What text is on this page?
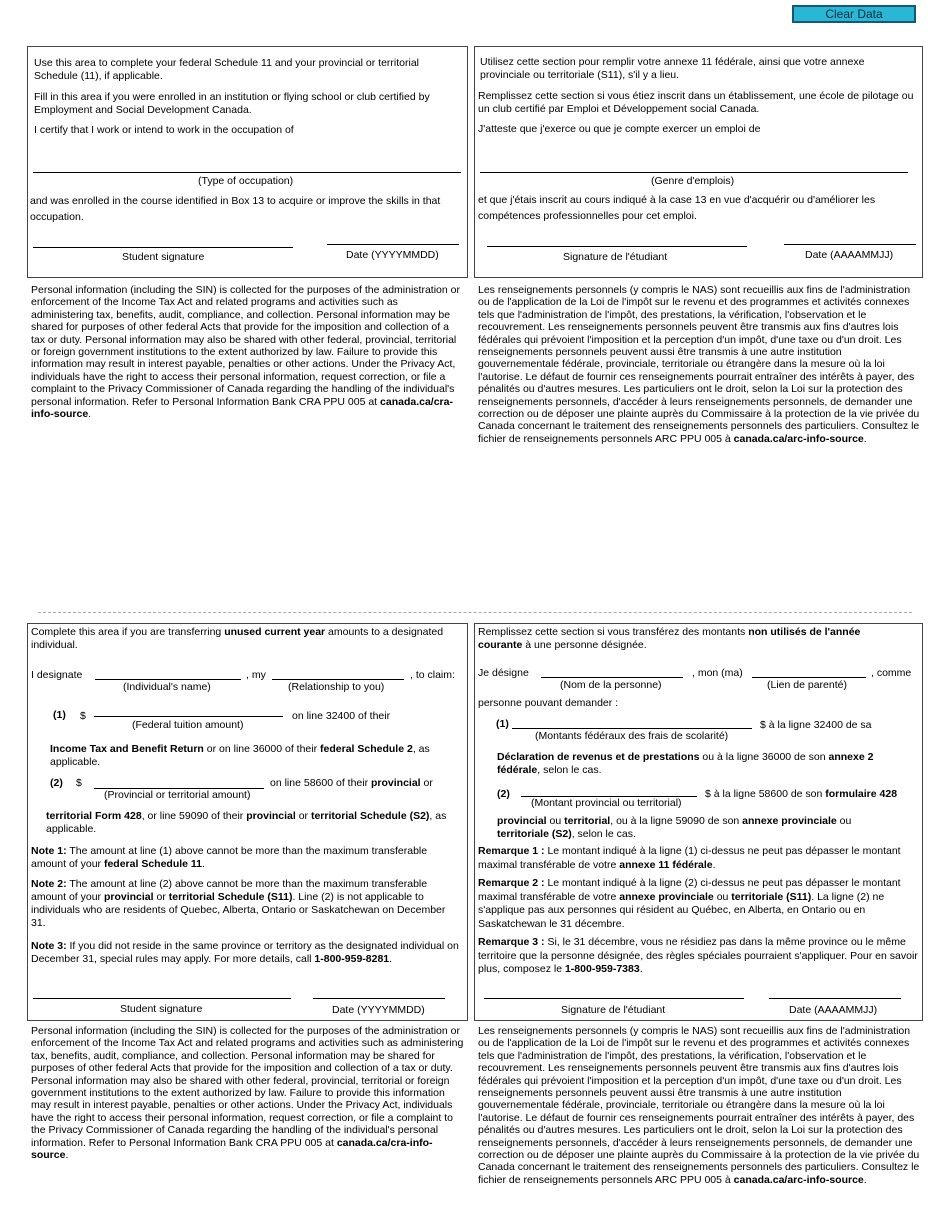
Clear Data

Use this area to complete your federal Schedule 11 and your provincial or territorial Schedule (11), if applicable.

Fill in this area if you were enrolled in an institution or flying school or club certified by Employment and Social Development Canada.

I certify that I work or intend to work in the occupation of

(Type of occupation)

and was enrolled in the course identified in Box 13 to acquire or improve the skills in that occupation.

Student signature	Date (YYYYMMDD)

Personal information (including the SIN) is collected for the purposes of the administration or enforcement of the Income Tax Act and related programs and activities such as administering tax, benefits, audit, compliance, and collection. Personal information may be shared for purposes of other federal Acts that provide for the imposition and collection of a tax or duty. Personal information may also be shared with other federal, provincial, territorial or foreign government institutions to the extent authorized by law. Failure to provide this information may result in interest payable, penalties or other actions. Under the Privacy Act, individuals have the right to access their personal information, request correction, or file a complaint to the Privacy Commissioner of Canada regarding the handling of the individual's personal information. Refer to Personal Information Bank CRA PPU 005 at canada.ca/cra-info-source.

Utilisez cette section pour remplir votre annexe 11 fédérale, ainsi que votre annexe provinciale ou territoriale (S11), s'il y a lieu.

Remplissez cette section si vous étiez inscrit dans un établissement, une école de pilotage ou un club certifié par Emploi et Développement social Canada.

J'atteste que j'exerce ou que je compte exercer un emploi de

(Genre d'emplois)

et que j'étais inscrit au cours indiqué à la case 13 en vue d'acquérir ou d'améliorer les compétences professionnelles pour cet emploi.

Signature de l'étudiant	Date (AAAAMMJJ)

Les renseignements personnels (y compris le NAS) sont recueillis aux fins de l'administration ou de l'application de la Loi de l'impôt sur le revenu et des programmes et activités connexes tels que l'administration de l'impôt, des prestations, la vérification, l'observation et le recouvrement. Les renseignements personnels peuvent être transmis aux fins d'autres lois fédérales qui prévoient l'imposition et la perception d'un impôt, d'une taxe ou d'un droit. Les renseignements personnels peuvent aussi être transmis à une autre institution gouvernementale fédérale, provinciale, territoriale ou étrangère dans la mesure où la loi l'autorise. Le défaut de fournir ces renseignements pourrait entraîner des intérêts à payer, des pénalités ou d'autres mesures. Les particuliers ont le droit, selon la Loi sur la protection des renseignements personnels, d'accéder à leurs renseignements personnels, de demander une correction ou de déposer une plainte auprès du Commissaire à la protection de la vie privée du Canada concernant le traitement des renseignements personnels des particuliers. Consultez le fichier de renseignements personnels ARC PPU 005 à canada.ca/arc-info-source.

Complete this area if you are transferring unused current year amounts to a designated individual.

I designate	, my	, to claim:
(Individual's name)	(Relationship to you)
(1) $	on line 32400 of their
(Federal tuition amount)

Income Tax and Benefit Return or on line 36000 of their federal Schedule 2, as applicable.

(2) $	on line 58600 of their provincial or
(Provincial or territorial amount)

territorial Form 428, or line 59090 of their provincial or territorial Schedule (S2), as applicable.

Note 1: The amount at line (1) above cannot be more than the maximum transferable amount of your federal Schedule 11.

Note 2: The amount at line (2) above cannot be more than the maximum transferable amount of your provincial or territorial Schedule (S11). Line (2) is not applicable to individuals who are residents of Quebec, Alberta, Ontario or Saskatchewan on December 31.

Note 3: If you did not reside in the same province or territory as the designated individual on December 31, special rules may apply. For more details, call 1-800-959-8281.

Student signature	Date (YYYYMMDD)

Personal information (including the SIN) is collected for the purposes of the administration or enforcement of the Income Tax Act and related programs and activities such as administering tax, benefits, audit, compliance, and collection. Personal information may be shared for purposes of other federal Acts that provide for the imposition and collection of a tax or duty. Personal information may also be shared with other federal, provincial, territorial or foreign government institutions to the extent authorized by law. Failure to provide this information may result in interest payable, penalties or other actions. Under the Privacy Act, individuals have the right to access their personal information, request correction, or file a complaint to the Privacy Commissioner of Canada regarding the handling of the individual's personal information. Refer to Personal Information Bank CRA PPU 005 at canada.ca/cra-info-source.

Remplissez cette section si vous transférez des montants non utilisés de l'année courante à une personne désignée.

Je désigne	, mon (ma)	, comme
(Nom de la personne)	(Lien de parenté)
personne pouvant demander :
(1)	$ à la ligne 32400 de sa
(Montants fédéraux des frais de scolarité)

Déclaration de revenus et de prestations ou à la ligne 36000 de son annexe 2 fédérale, selon le cas.

(2)	$ à la ligne 58600 de son formulaire 428
(Montant provincial ou territorial)

provincial ou territorial, ou à la ligne 59090 de son annexe provinciale ou territoriale (S2), selon le cas.

Remarque 1 : Le montant indiqué à la ligne (1) ci-dessus ne peut pas dépasser le montant maximal transférable de votre annexe 11 fédérale.

Remarque 2 : Le montant indiqué à la ligne (2) ci-dessus ne peut pas dépasser le montant maximal transférable de votre annexe provinciale ou territoriale (S11). La ligne (2) ne s'applique pas aux personnes qui résident au Québec, en Alberta, en Ontario ou en Saskatchewan le 31 décembre.

Remarque 3 : Si, le 31 décembre, vous ne résidiez pas dans la même province ou le même territoire que la personne désignée, des règles spéciales pourraient s'appliquer. Pour en savoir plus, composez le 1-800-959-7383.

Signature de l'étudiant	Date (AAAAMMJJ)

Les renseignements personnels (y compris le NAS) sont recueillis aux fins de l'administration ou de l'application de la Loi de l'impôt sur le revenu et des programmes et activités connexes tels que l'administration de l'impôt, des prestations, la vérification, l'observation et le recouvrement. Les renseignements personnels peuvent être transmis aux fins d'autres lois fédérales qui prévoient l'imposition et la perception d'un impôt, d'une taxe ou d'un droit. Les renseignements personnels peuvent aussi être transmis à une autre institution gouvernementale fédérale, provinciale, territoriale ou étrangère dans la mesure où la loi l'autorise. Le défaut de fournir ces renseignements pourrait entraîner des intérêts à payer, des pénalités ou d'autres mesures. Les particuliers ont le droit, selon la Loi sur la protection des renseignements personnels, d'accéder à leurs renseignements personnels, de demander une correction ou de déposer une plainte auprès du Commissaire à la protection de la vie privée du Canada concernant le traitement des renseignements personnels des particuliers. Consultez le fichier de renseignements personnels ARC PPU 005 à canada.ca/arc-info-source.
